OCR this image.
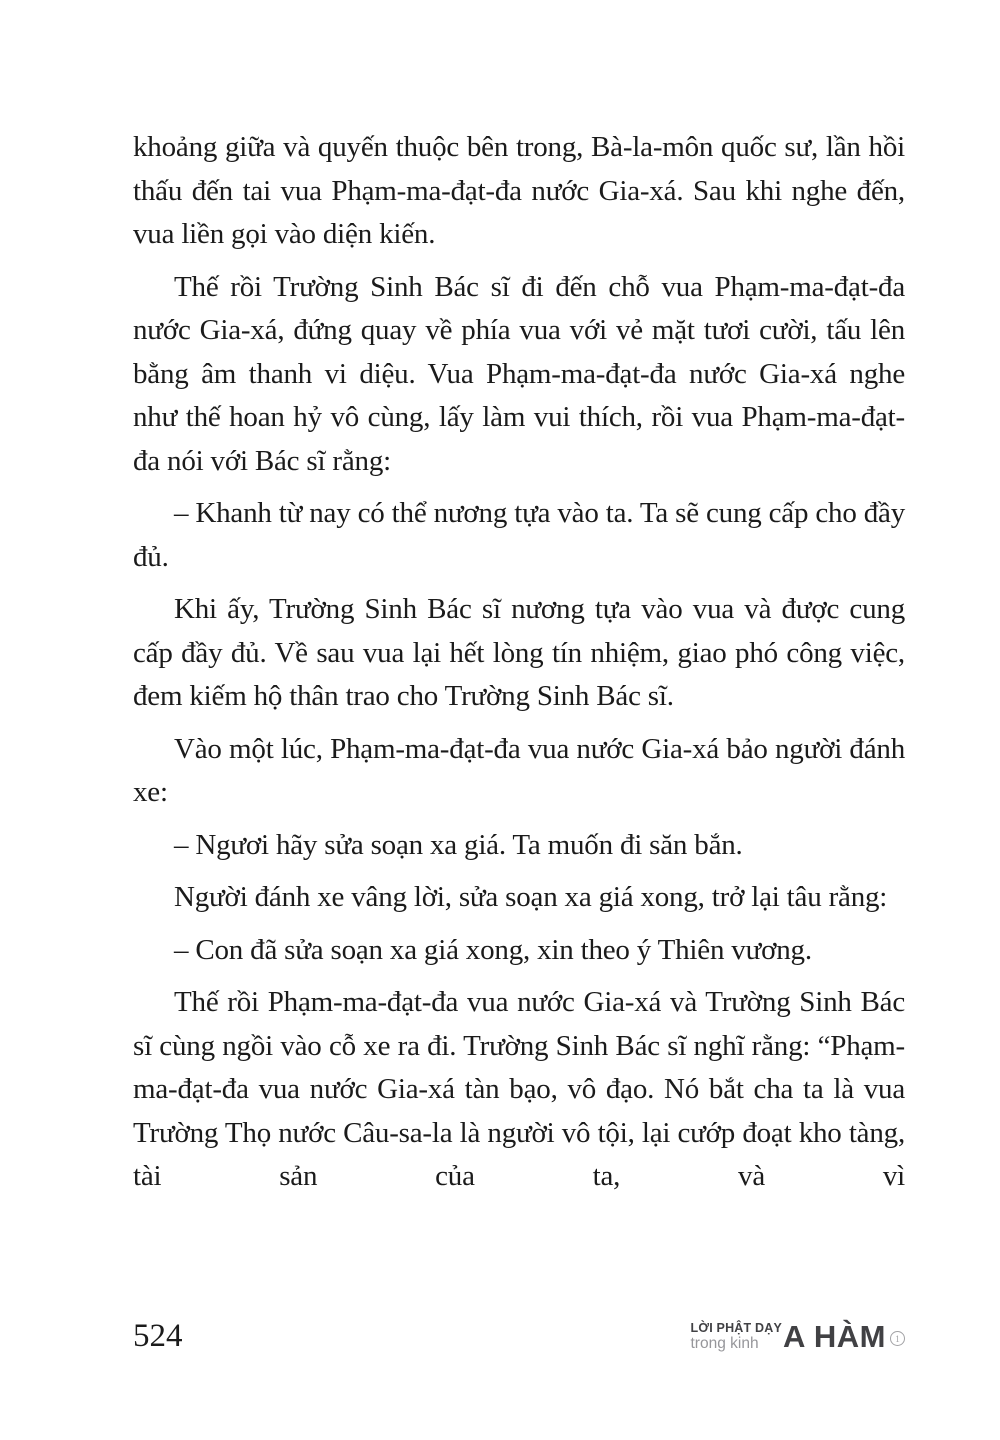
khoảng giữa và quyến thuộc bên trong, Bà-la-môn quốc sư, lần hồi thấu đến tai vua Phạm-ma-đạt-đa nước Gia-xá. Sau khi nghe đến, vua liền gọi vào diện kiến.

Thế rồi Trường Sinh Bác sĩ đi đến chỗ vua Phạm-ma-đạt-đa nước Gia-xá, đứng quay về phía vua với vẻ mặt tươi cười, tấu lên bằng âm thanh vi diệu. Vua Phạm-ma-đạt-đa nước Gia-xá nghe như thế hoan hỷ vô cùng, lấy làm vui thích, rồi vua Phạm-ma-đạt-đa nói với Bác sĩ rằng:

– Khanh từ nay có thể nương tựa vào ta. Ta sẽ cung cấp cho đầy đủ.

Khi ấy, Trường Sinh Bác sĩ nương tựa vào vua và được cung cấp đầy đủ. Về sau vua lại hết lòng tín nhiệm, giao phó công việc, đem kiếm hộ thân trao cho Trường Sinh Bác sĩ.

Vào một lúc, Phạm-ma-đạt-đa vua nước Gia-xá bảo người đánh xe:

– Ngươi hãy sửa soạn xa giá. Ta muốn đi săn bắn.

Người đánh xe vâng lời, sửa soạn xa giá xong, trở lại tâu rằng:

– Con đã sửa soạn xa giá xong, xin theo ý Thiên vương.

Thế rồi Phạm-ma-đạt-đa vua nước Gia-xá và Trường Sinh Bác sĩ cùng ngồi vào cỗ xe ra đi. Trường Sinh Bác sĩ nghĩ rằng: “Phạm-ma-đạt-đa vua nước Gia-xá tàn bạo, vô đạo. Nó bắt cha ta là vua Trường Thọ nước Câu-sa-la là người vô tội, lại cướp đoạt kho tàng, tài sản của ta, và vì

524	LỜI PHẬT DẠY
trong kinh A HÀM	1
